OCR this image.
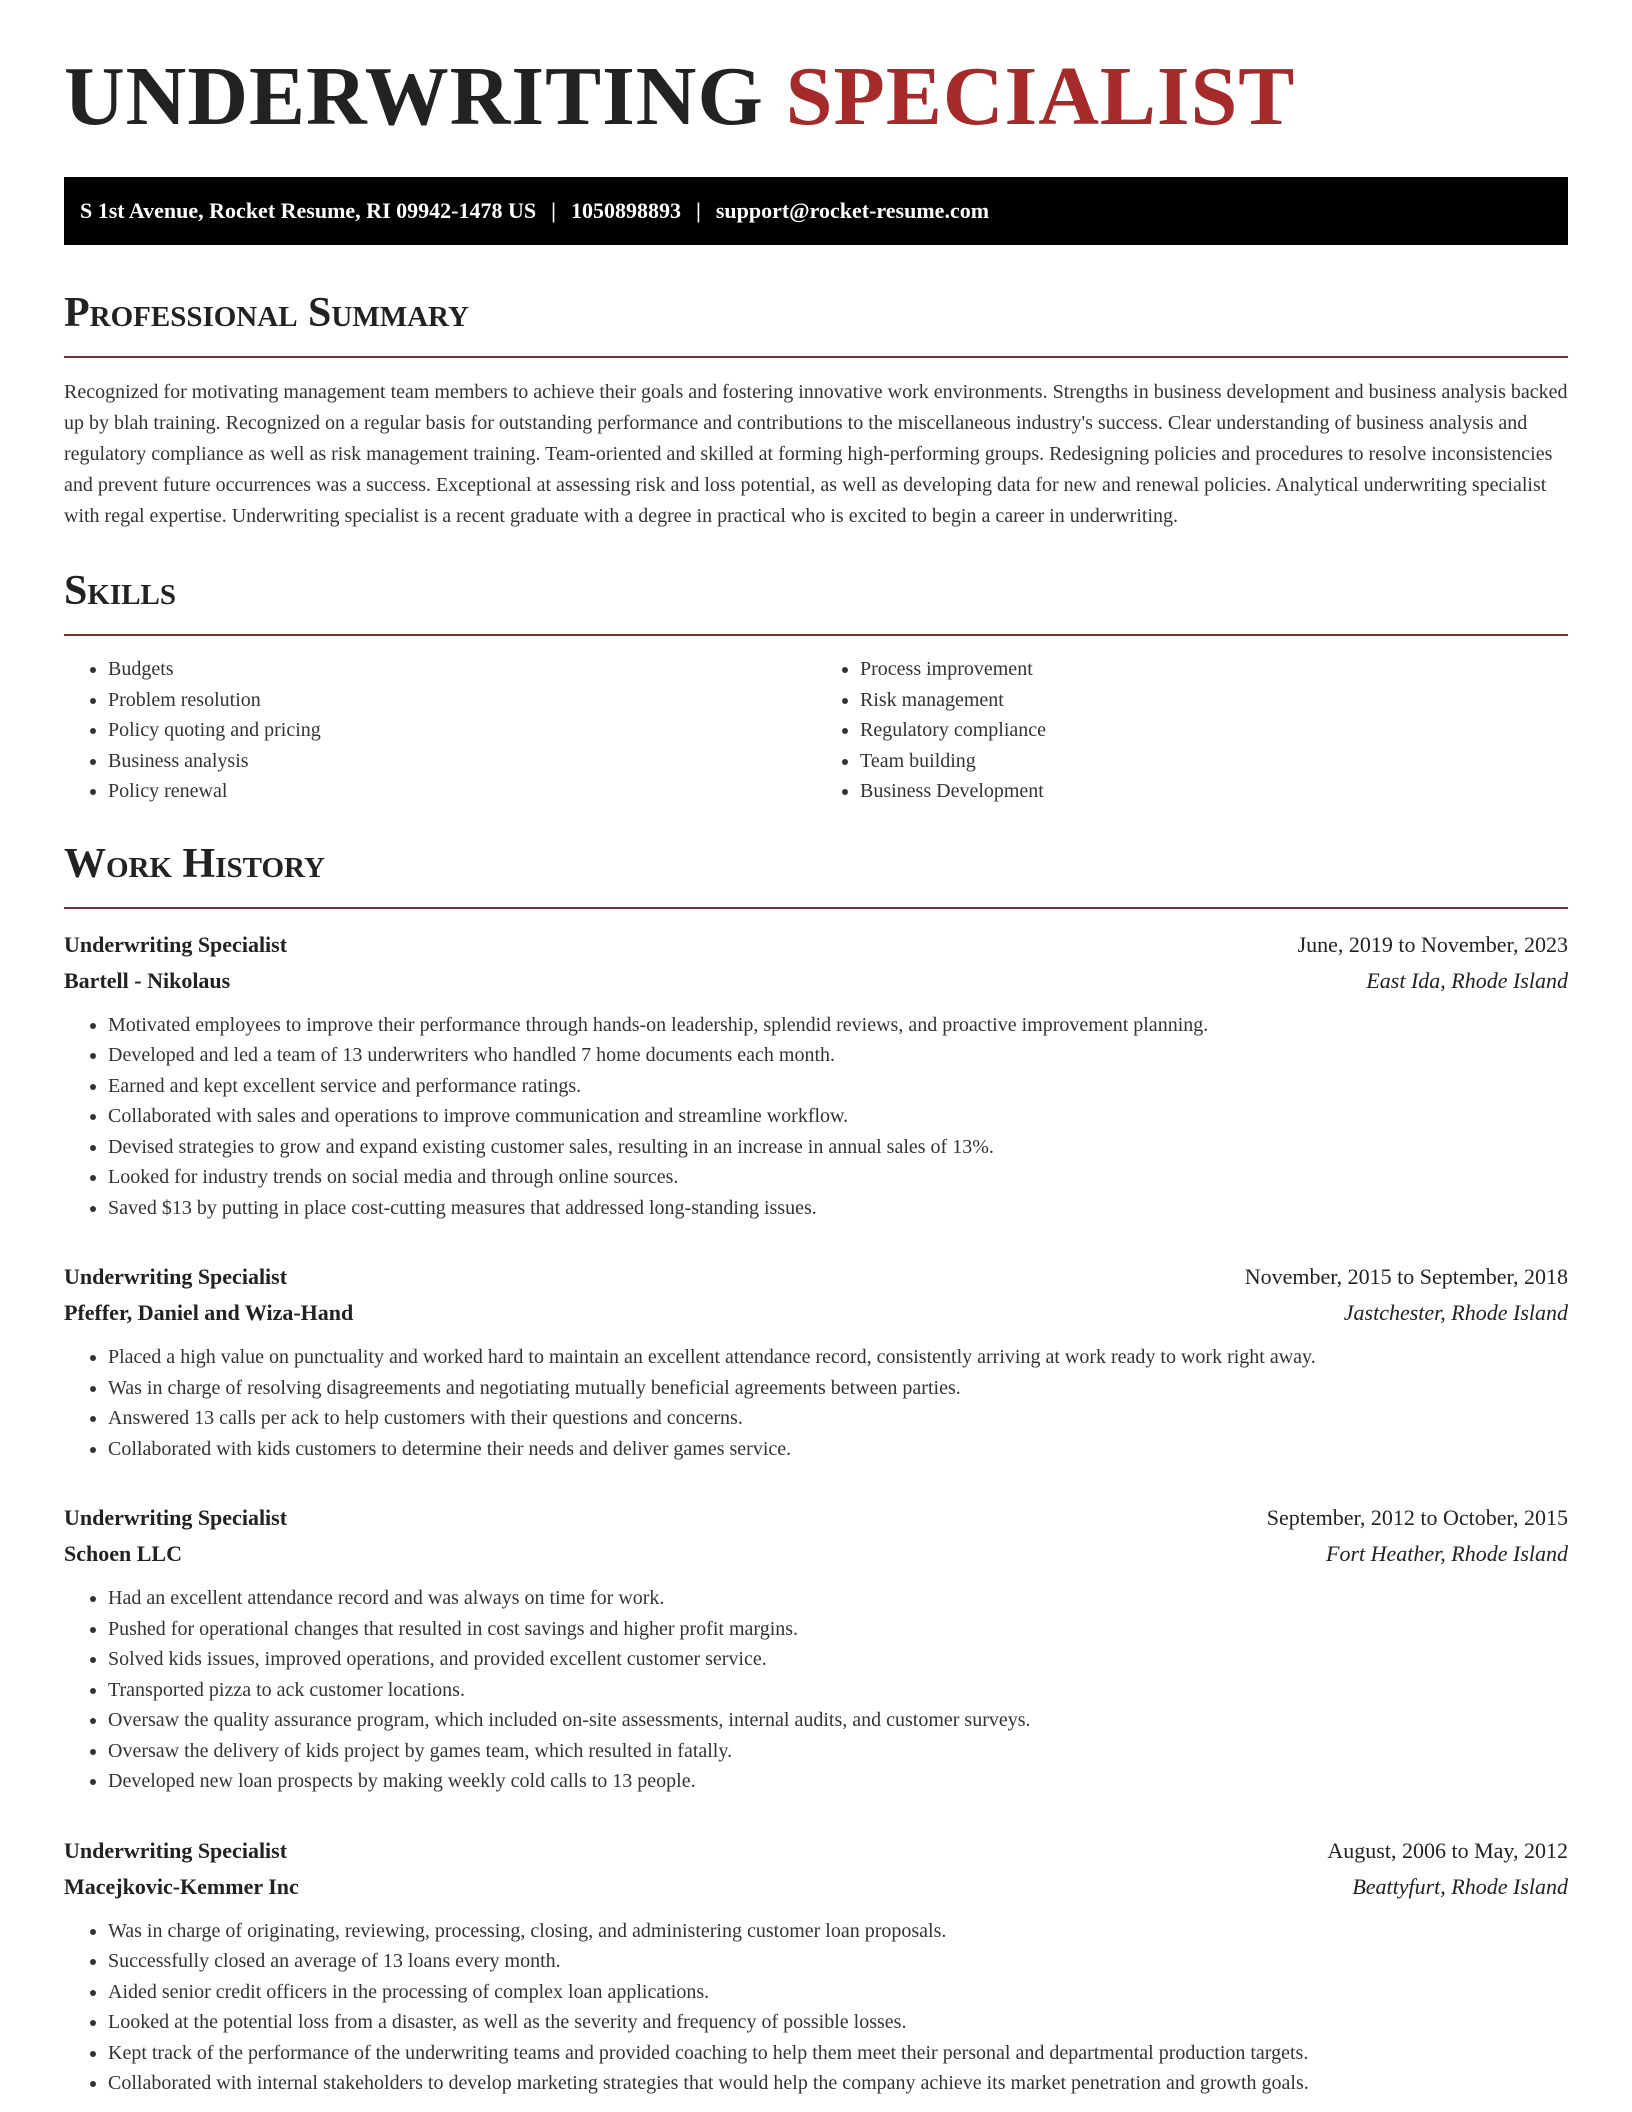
UNDERWRITING SPECIALIST
S 1st Avenue, Rocket Resume, RI 09942-1478 US | 1050898893 | support@rocket-resume.com
Professional Summary

Recognized for motivating management team members to achieve their goals and fostering innovative work environments. Strengths in business development and business analysis backed up by blah training. Recognized on a regular basis for outstanding performance and contributions to the miscellaneous industry's success. Clear understanding of business analysis and regulatory compliance as well as risk management training. Team-oriented and skilled at forming high-performing groups. Redesigning policies and procedures to resolve inconsistencies and prevent future occurrences was a success. Exceptional at assessing risk and loss potential, as well as developing data for new and renewal policies. Analytical underwriting specialist with regal expertise. Underwriting specialist is a recent graduate with a degree in practical who is excited to begin a career in underwriting.

Skills
• Budgets
• Problem resolution
• Policy quoting and pricing
• Business analysis
• Policy renewal
• Process improvement
• Risk management
• Regulatory compliance
• Team building
• Business Development
Work History
Underwriting Specialist	June, 2019 to November, 2023
Bartell - Nikolaus	East Ida, Rhode Island
• Motivated employees to improve their performance through hands-on leadership, splendid reviews, and proactive improvement planning.
• Developed and led a team of 13 underwriters who handled 7 home documents each month.
• Earned and kept excellent service and performance ratings.
• Collaborated with sales and operations to improve communication and streamline workflow.
• Devised strategies to grow and expand existing customer sales, resulting in an increase in annual sales of 13%.
• Looked for industry trends on social media and through online sources.
• Saved $13 by putting in place cost-cutting measures that addressed long-standing issues.
Underwriting Specialist	November, 2015 to September, 2018
Pfeffer, Daniel and Wiza-Hand	Jastchester, Rhode Island
• Placed a high value on punctuality and worked hard to maintain an excellent attendance record, consistently arriving at work ready to work right away.
• Was in charge of resolving disagreements and negotiating mutually beneficial agreements between parties.
• Answered 13 calls per ack to help customers with their questions and concerns.
• Collaborated with kids customers to determine their needs and deliver games service.
Underwriting Specialist	September, 2012 to October, 2015
Schoen LLC	Fort Heather, Rhode Island
• Had an excellent attendance record and was always on time for work.
• Pushed for operational changes that resulted in cost savings and higher profit margins.
• Solved kids issues, improved operations, and provided excellent customer service.
• Transported pizza to ack customer locations.
• Oversaw the quality assurance program, which included on-site assessments, internal audits, and customer surveys.
• Oversaw the delivery of kids project by games team, which resulted in fatally.
• Developed new loan prospects by making weekly cold calls to 13 people.
Underwriting Specialist	August, 2006 to May, 2012
Macejkovic-Kemmer Inc	Beattyfurt, Rhode Island
• Was in charge of originating, reviewing, processing, closing, and administering customer loan proposals.
• Successfully closed an average of 13 loans every month.
• Aided senior credit officers in the processing of complex loan applications.
• Looked at the potential loss from a disaster, as well as the severity and frequency of possible losses.
• Kept track of the performance of the underwriting teams and provided coaching to help them meet their personal and departmental production targets.
• Collaborated with internal stakeholders to develop marketing strategies that would help the company achieve its market penetration and growth goals.
